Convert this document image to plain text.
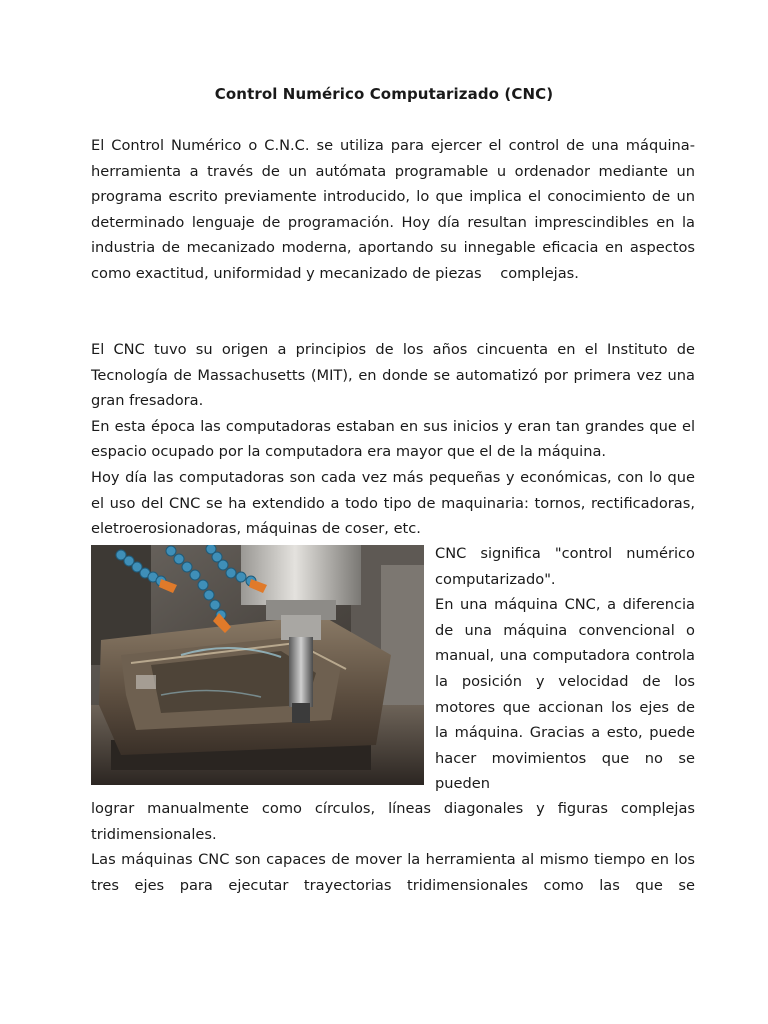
Control Numérico Computarizado (CNC)

El Control Numérico o C.N.C. se utiliza para ejercer el control de una máquina-herramienta a través de un autómata programable u ordenador mediante un programa escrito previamente introducido, lo que implica el conocimiento de un determinado lenguaje de programación. Hoy día resultan imprescindibles en la industria de mecanizado moderna, aportando su innegable eficacia en aspectos como exactitud, uniformidad y mecanizado de piezas    complejas.

El CNC tuvo su origen a principios de los años cincuenta en el Instituto de Tecnología de Massachusetts (MIT), en donde se automatizó por primera vez una gran fresadora.

En esta época las computadoras estaban en sus inicios y eran tan grandes que el espacio ocupado por la computadora era mayor que el de la máquina.

Hoy día las computadoras son cada vez más pequeñas y económicas, con lo que el uso del CNC se ha extendido a todo tipo de maquinaria: tornos, rectificadoras, eletroerosionadoras, máquinas de coser, etc.

CNC significa "control numérico computarizado".

En una máquina CNC, a diferencia de una máquina convencional o manual, una computadora controla la posición y velocidad de los motores que accionan los ejes de la máquina. Gracias a esto, puede hacer movimientos que no se pueden

lograr manualmente como círculos, líneas diagonales y figuras complejas tridimensionales.

Las máquinas CNC son capaces de mover la herramienta al mismo tiempo en los tres ejes para ejecutar trayectorias tridimensionales como las que se
